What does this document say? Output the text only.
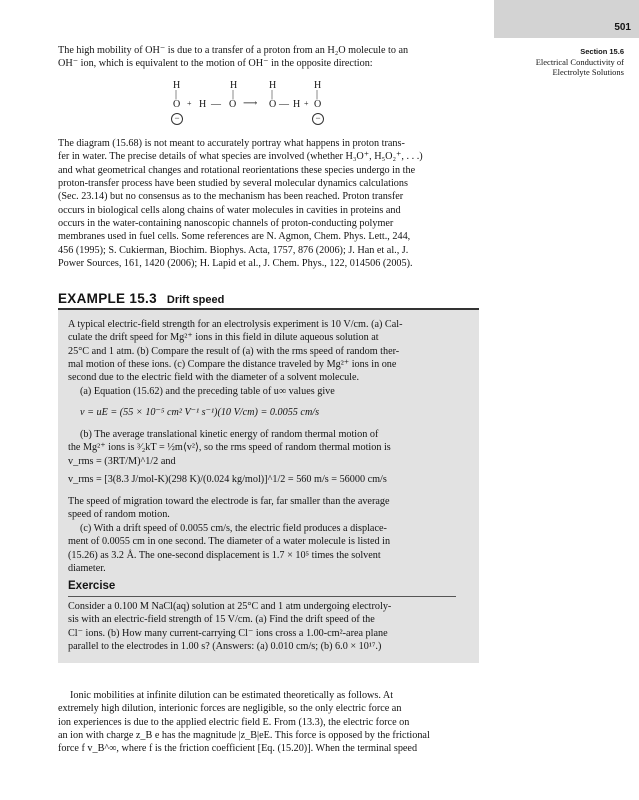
501
Section 15.6
Electrical Conductivity of
Electrolyte Solutions
The high mobility of OH⁻ is due to a transfer of a proton from an H₂O molecule to an
OH⁻ ion, which is equivalent to the motion of OH⁻ in the opposite direction:
H	H	H	H
|	|	|	|
O + H — O ⟶ O — H + O
−	−
The diagram (15.68) is not meant to accurately portray what happens in proton trans-
fer in water. The precise details of what species are involved (whether H₃O⁺, H₅O₂⁺, . . .)
and what geometrical changes and rotational reorientations these species undergo in the
proton-transfer process have been studied by several molecular dynamics calculations
(Sec. 23.14) but no consensus as to the mechanism has been reached. Proton transfer
occurs in biological cells along chains of water molecules in cavities in proteins and
occurs in the water-containing nanoscopic channels of proton-conducting polymer
membranes used in fuel cells. Some references are N. Agmon, Chem. Phys. Lett., 244,
456 (1995); S. Cukierman, Biochim. Biophys. Acta, 1757, 876 (2006); J. Han et al., J.
Power Sources, 161, 1420 (2006); H. Lapid et al., J. Chem. Phys., 122, 014506 (2005).
EXAMPLE 15.3 Drift speed
A typical electric-field strength for an electrolysis experiment is 10 V/cm. (a) Cal-
culate the drift speed for Mg²⁺ ions in this field in dilute aqueous solution at
25°C and 1 atm. (b) Compare the result of (a) with the rms speed of random ther-
mal motion of these ions. (c) Compare the distance traveled by Mg²⁺ ions in one
second due to the electric field with the diameter of a solvent molecule.
(a) Equation (15.62) and the preceding table of u∞ values give
v = uE = (55 × 10⁻⁵ cm² V⁻¹ s⁻¹)(10 V/cm) = 0.0055 cm/s
(b) The average translational kinetic energy of random thermal motion of
the Mg²⁺ ions is ³⁄₂kT = ½m⟨v²⟩, so the rms speed of random thermal motion is
v_rms = (3RT/M)^1/2 and
v_rms = [3(8.3 J/mol-K)(298 K)/(0.024 kg/mol)]^1/2 = 560 m/s = 56000 cm/s
The speed of migration toward the electrode is far, far smaller than the average
speed of random motion.
(c) With a drift speed of 0.0055 cm/s, the electric field produces a displace-
ment of 0.0055 cm in one second. The diameter of a water molecule is listed in
(15.26) as 3.2 Å. The one-second displacement is 1.7 × 10⁵ times the solvent
diameter.
Exercise
Consider a 0.100 M NaCl(aq) solution at 25°C and 1 atm undergoing electroly-
sis with an electric-field strength of 15 V/cm. (a) Find the drift speed of the
Cl⁻ ions. (b) How many current-carrying Cl⁻ ions cross a 1.00-cm²-area plane
parallel to the electrodes in 1.00 s? (Answers: (a) 0.010 cm/s; (b) 6.0 × 10¹⁷.)
Ionic mobilities at infinite dilution can be estimated theoretically as follows. At
extremely high dilution, interionic forces are negligible, so the only electric force an
ion experiences is due to the applied electric field E. From (13.3), the electric force on
an ion with charge z_B e has the magnitude |z_B|eE. This force is opposed by the frictional
force f v_B^∞, where f is the friction coefficient [Eq. (15.20)]. When the terminal speed
